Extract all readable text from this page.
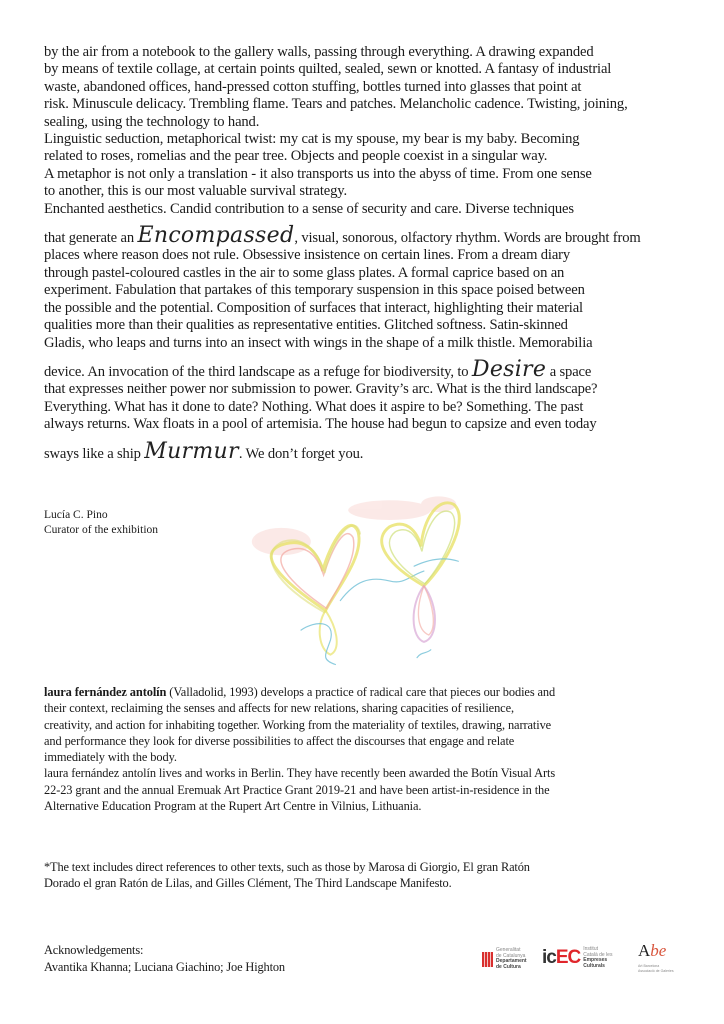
by the air from a notebook to the gallery walls, passing through everything. A drawing expanded
by means of textile collage, at certain points quilted, sealed, sewn or knotted. A fantasy of industrial
waste, abandoned offices, hand-pressed cotton stuffing, bottles turned into glasses that point at
risk. Minuscule delicacy. Trembling flame. Tears and patches. Melancholic cadence. Twisting, joining,
sealing, using the technology to hand.
Linguistic seduction, metaphorical twist: my cat is my spouse, my bear is my baby. Becoming
related to roses, romelias and the pear tree. Objects and people coexist in a singular way.
A metaphor is not only a translation - it also transports us into the abyss of time. From one sense
to another, this is our most valuable survival strategy.
Enchanted aesthetics. Candid contribution to a sense of security and care. Diverse techniques
that generate an Encompassed, visual, sonorous, olfactory rhythm. Words are brought from
places where reason does not rule. Obsessive insistence on certain lines. From a dream diary
through pastel-coloured castles in the air to some glass plates. A formal caprice based on an
experiment. Fabulation that partakes of this temporary suspension in this space poised between
the possible and the potential. Composition of surfaces that interact, highlighting their material
qualities more than their qualities as representative entities. Glitched softness. Satin-skinned
Gladis, who leaps and turns into an insect with wings in the shape of a milk thistle. Memorabilia
device. An invocation of the third landscape as a refuge for biodiversity, to Desire a space
that expresses neither power nor submission to power. Gravity’s arc. What is the third landscape?
Everything. What has it done to date? Nothing. What does it aspire to be? Something. The past
always returns. Wax floats in a pool of artemisia. The house had begun to capsize and even today
sways like a ship Murmur. We don’t forget you.
Lucía C. Pino
Curator of the exhibition
laura fernández antolín (Valladolid, 1993) develops a practice of radical care that pieces our bodies and
their context, reclaiming the senses and affects for new relations, sharing capacities of resilience,
creativity, and action for inhabiting together. Working from the materiality of textiles, drawing, narrative
and performance they look for diverse possibilities to affect the discourses that engage and relate
immediately with the body.
laura fernández antolín lives and works in Berlin. They have recently been awarded the Botín Visual Arts
22-23 grant and the annual Eremuak Art Practice Grant 2019-21 and have been artist-in-residence in the
Alternative Education Program at the Rupert Art Centre in Vilnius, Lithuania.
*The text includes direct references to other texts, such as those by Marosa di Giorgio, El gran Ratón
Dorado el gran Ratón de Lilas, and Gilles Clément, The Third Landscape Manifesto.
Acknowledgements:
Avantika Khanna; Luciana Giachino; Joe Highton
Generalitat
de Catalunya
Departament
de Cultura	icEC Institut
Català de les
Empreses
Culturals
Abe
Art Barcelona
Associació de Galeries
